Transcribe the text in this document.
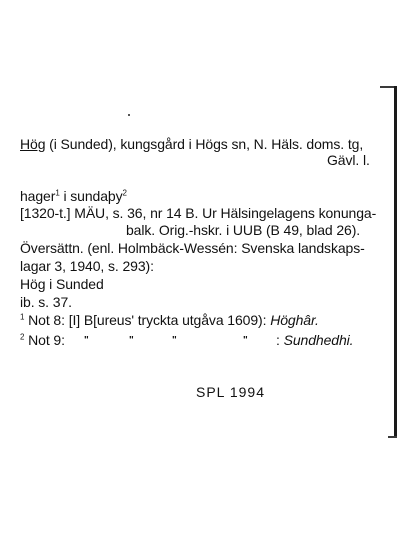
Hög (i Sunded), kungsgård i Högs sn, N. Häls. doms. tg,
Gävl. l.
hager$^1$ i sundaþy$^2$
[1320-t.] MÄU, s. 36, nr 14 B. Ur Hälsingelagens konunga-
balk. Orig.-hskr. i UUB (B 49, blad 26).
Översättn. (enl. Holmbäck-Wessén: Svenska landskaps-
lagar 3, 1940, s. 293):
Hög i Sunded
ib. s. 37.
$^1$ Not 8: [I] B[ureus' tryckta utgåva 1609): Höghâr.
$^2$ Not 9: "	"	"	" : Sundhedhi.
SPL 1994
